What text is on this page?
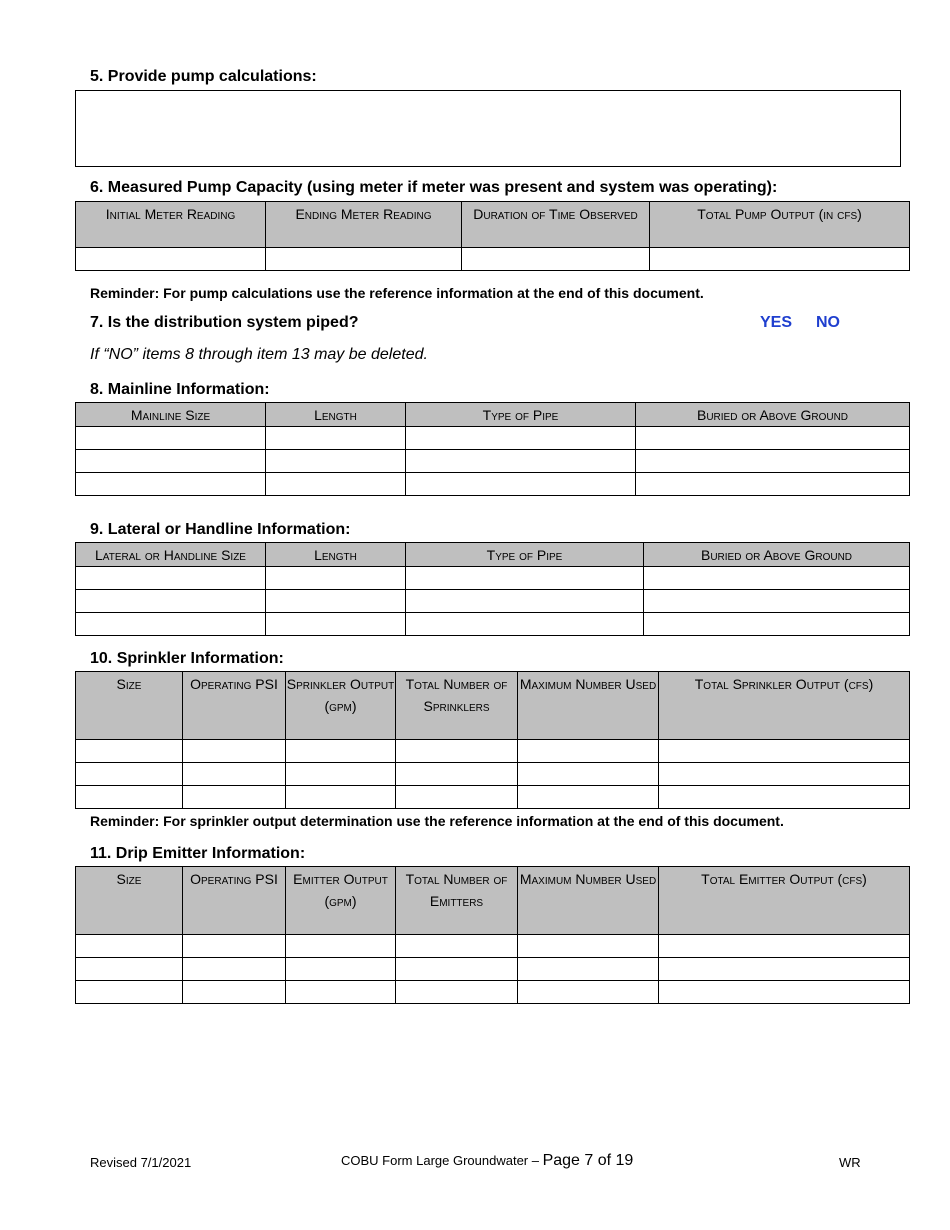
5. Provide pump calculations:
6. Measured Pump Capacity (using meter if meter was present and system was operating):
Initial Meter Reading	Ending Meter Reading	Duration of Time Observed	Total Pump Output (in cfs)

Reminder: For pump calculations use the reference information at the end of this document.
7. Is the distribution system piped?	YES NO
If “NO” items 8 through item 13 may be deleted.
8. Mainline Information:
Mainline Size	Length	Type of Pipe	Buried or Above Ground

9. Lateral or Handline Information:
Lateral or Handline Size	Length	Type of Pipe	Buried or Above Ground

10. Sprinkler Information:
Size	Operating PSI	Sprinkler Output (gpm)	Total Number of Sprinklers	Maximum Number Used	Total Sprinkler Output (cfs)

Reminder: For sprinkler output determination use the reference information at the end of this document.
11. Drip Emitter Information:
Size	Operating PSI	Emitter Output (gpm)	Total Number of Emitters	Maximum Number Used	Total Emitter Output (cfs)

Revised 7/1/2021	COBU Form Large Groundwater – Page 7 of 19	WR
